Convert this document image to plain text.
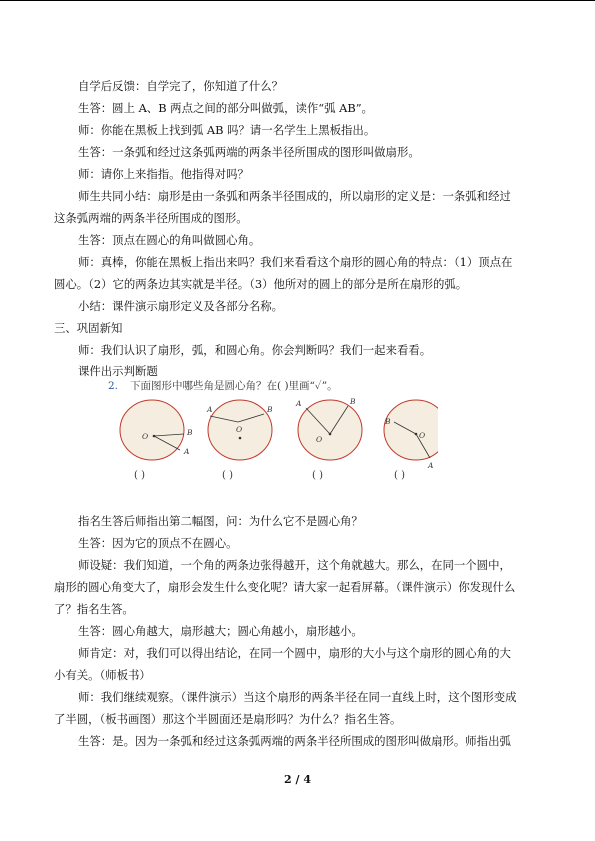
自学后反馈：自学完了，你知道了什么？
生答：圆上 A、B 两点之间的部分叫做弧，读作“弧 AB”。
师：你能在黑板上找到弧 AB 吗？请一名学生上黑板指出。
生答：一条弧和经过这条弧两端的两条半径所围成的图形叫做扇形。
师：请你上来指指。他指得对吗？
师生共同小结：扇形是由一条弧和两条半径围成的，所以扇形的定义是：一条弧和经过
这条弧两端的两条半径所围成的图形。
生答：顶点在圆心的角叫做圆心角。
师：真棒，你能在黑板上指出来吗？我们来看看这个扇形的圆心角的特点：（1）顶点在
圆心。（2）它的两条边其实就是半径。（3）他所对的圆上的部分是所在扇形的弧。
小结：课件演示扇形定义及各部分名称。
三、巩固新知
师：我们认识了扇形，弧，和圆心角。你会判断吗？我们一起来看看。
课件出示判断题
2. 下面图形中哪些角是圆心角？在( )里画“✓”。
O
A
B	O
A	B
O
A	B
O
A
B
( )	( )	( )	( )
指名生答后师指出第二幅图，问：为什么它不是圆心角？
生答：因为它的顶点不在圆心。
师设疑：我们知道，一个角的两条边张得越开，这个角就越大。那么，在同一个圆中，
扇形的圆心角变大了，扇形会发生什么变化呢？请大家一起看屏幕。（课件演示）你发现什么
了？指名生答。
生答：圆心角越大，扇形越大；圆心角越小，扇形越小。
师肯定：对，我们可以得出结论，在同一个圆中，扇形的大小与这个扇形的圆心角的大
小有关。（师板书）
师：我们继续观察。（课件演示）当这个扇形的两条半径在同一直线上时，这个图形变成
了半圆，（板书画图）那这个半圆面还是扇形吗？为什么？指名生答。
生答：是。因为一条弧和经过这条弧两端的两条半径所围成的图形叫做扇形。师指出弧
2 / 4
